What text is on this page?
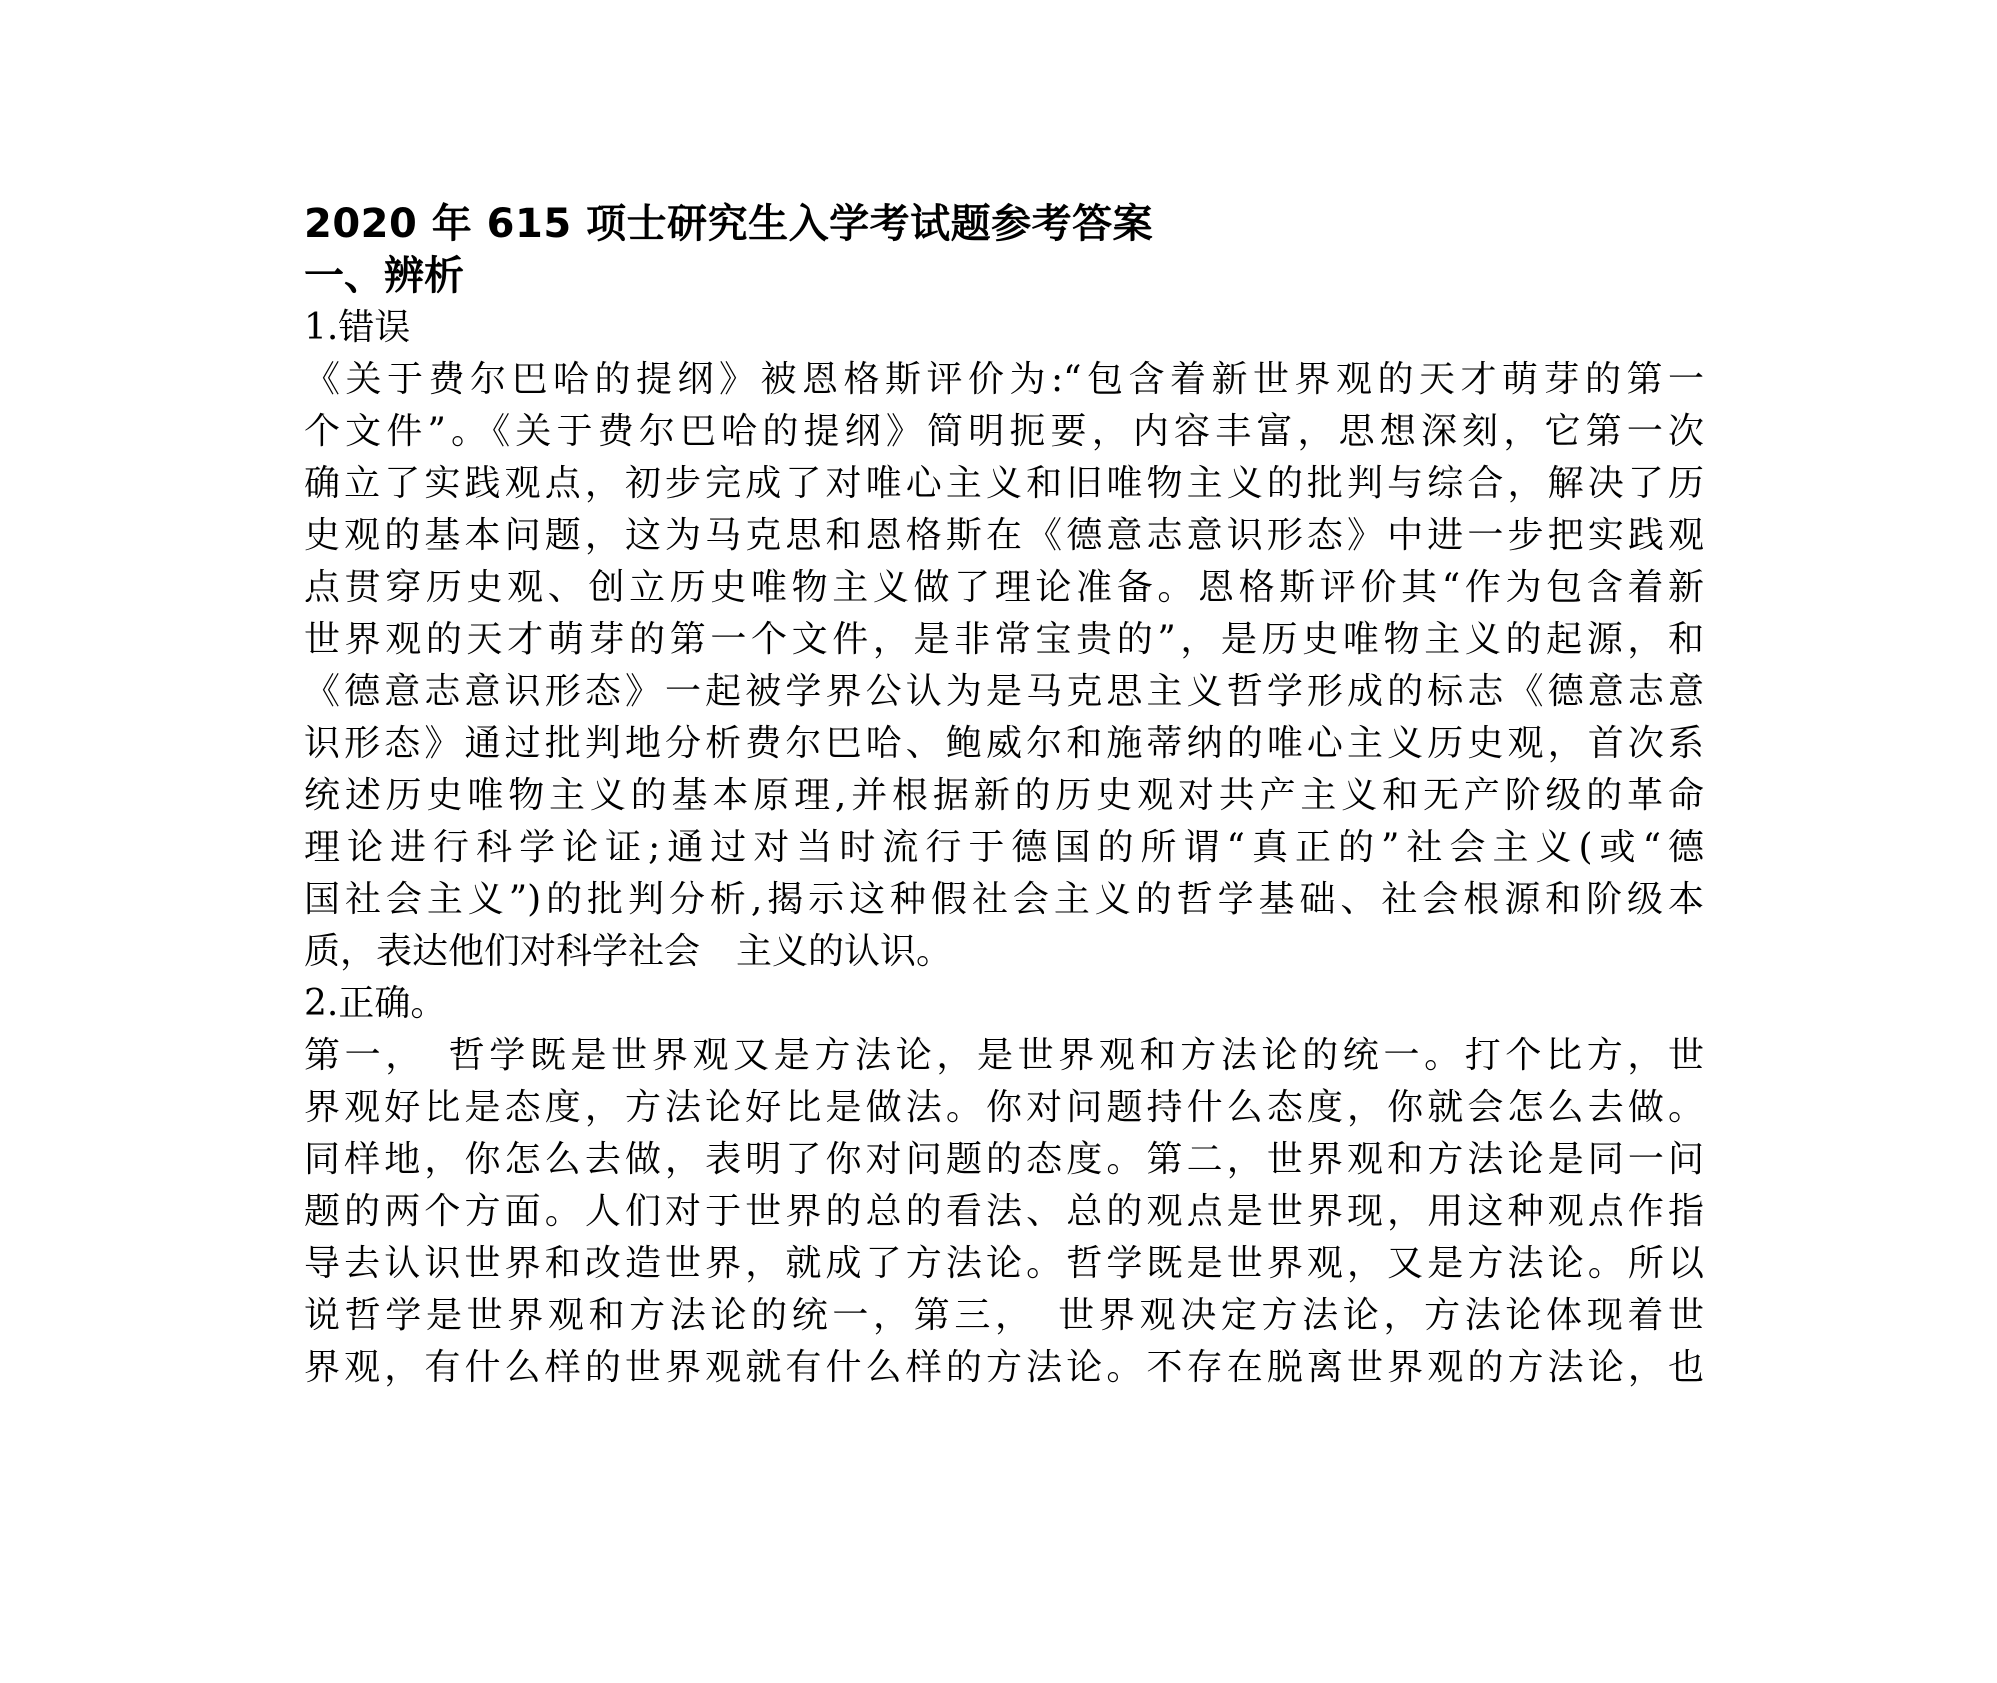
2020 年 615 项士研究生入学考试题参考答案
一、辨析
1.错误
《关于费尔巴哈的提纲》被恩格斯评价为:“包含着新世界观的天才萌芽的第一
个文件”。《关于费尔巴哈的提纲》简明扼要，内容丰富，思想深刻，它第一次
确立了实践观点，初步完成了对唯心主义和旧唯物主义的批判与综合，解决了历
史观的基本问题，这为马克思和恩格斯在《德意志意识形态》中进一步把实践观
点贯穿历史观、创立历史唯物主义做了理论准备。恩格斯评价其“作为包含着新
世界观的天才萌芽的第一个文件，是非常宝贵的”，是历史唯物主义的起源，和
《德意志意识形态》一起被学界公认为是马克思主义哲学形成的标志《德意志意
识形态》通过批判地分析费尔巴哈、鲍威尔和施蒂纳的唯心主义历史观，首次系
统述历史唯物主义的基本原理,并根据新的历史观对共产主义和无产阶级的革命
理论进行科学论证;通过对当时流行于德国的所谓“真正的”社会主义(或“德
国社会主义”)的批判分析,揭示这种假社会主义的哲学基础、社会根源和阶级本
质，表达他们对科学社会　主义的认识。
2.正确。
第一，　哲学既是世界观又是方法论，是世界观和方法论的统一。打个比方，世
界观好比是态度，方法论好比是做法。你对问题持什么态度，你就会怎么去做。
同样地，你怎么去做，表明了你对问题的态度。第二，世界观和方法论是同一问
题的两个方面。人们对于世界的总的看法、总的观点是世界现，用这种观点作指
导去认识世界和改造世界，就成了方法论。哲学既是世界观，又是方法论。所以
说哲学是世界观和方法论的统一，第三，　世界观决定方法论，方法论体现着世
界观，有什么样的世界观就有什么样的方法论。不存在脱离世界观的方法论，也
